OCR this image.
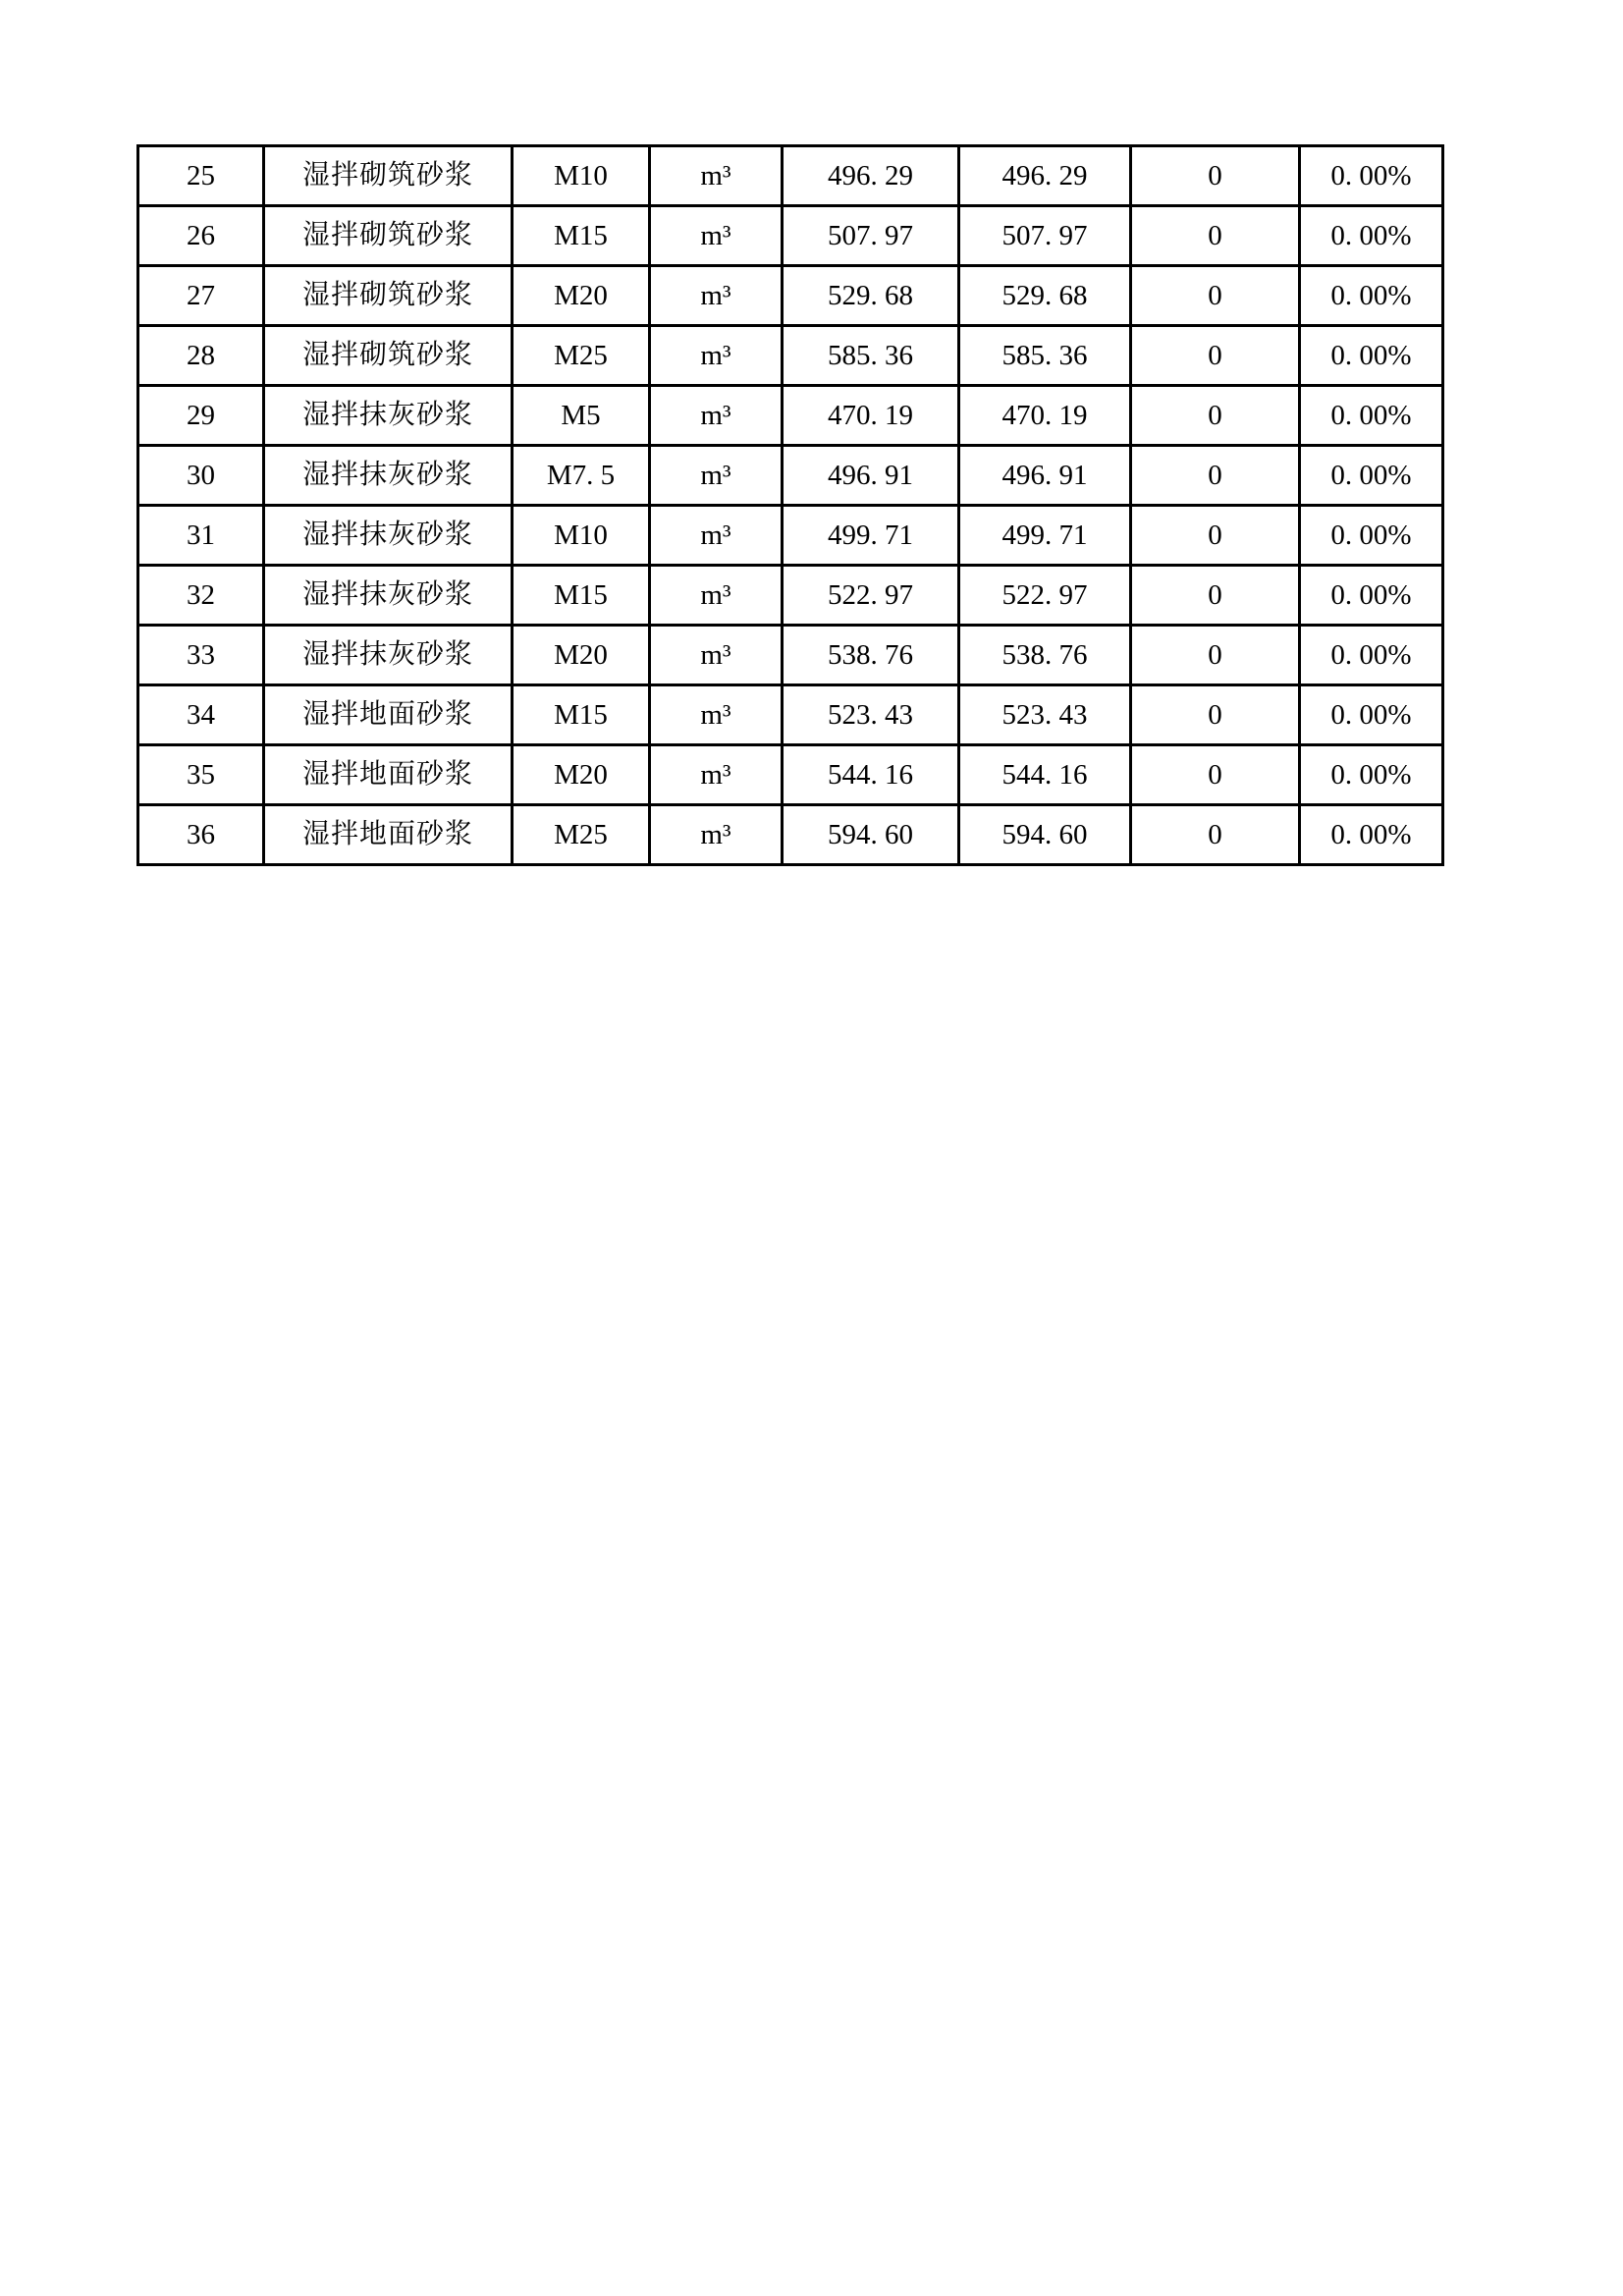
25	湿拌砌筑砂浆	M10	m³	496. 29	496. 29	0	0. 00%
26	湿拌砌筑砂浆	M15	m³	507. 97	507. 97	0	0. 00%
27	湿拌砌筑砂浆	M20	m³	529. 68	529. 68	0	0. 00%
28	湿拌砌筑砂浆	M25	m³	585. 36	585. 36	0	0. 00%
29	湿拌抹灰砂浆	M5	m³	470. 19	470. 19	0	0. 00%
30	湿拌抹灰砂浆	M7. 5	m³	496. 91	496. 91	0	0. 00%
31	湿拌抹灰砂浆	M10	m³	499. 71	499. 71	0	0. 00%
32	湿拌抹灰砂浆	M15	m³	522. 97	522. 97	0	0. 00%
33	湿拌抹灰砂浆	M20	m³	538. 76	538. 76	0	0. 00%
34	湿拌地面砂浆	M15	m³	523. 43	523. 43	0	0. 00%
35	湿拌地面砂浆	M20	m³	544. 16	544. 16	0	0. 00%
36	湿拌地面砂浆	M25	m³	594. 60	594. 60	0	0. 00%
